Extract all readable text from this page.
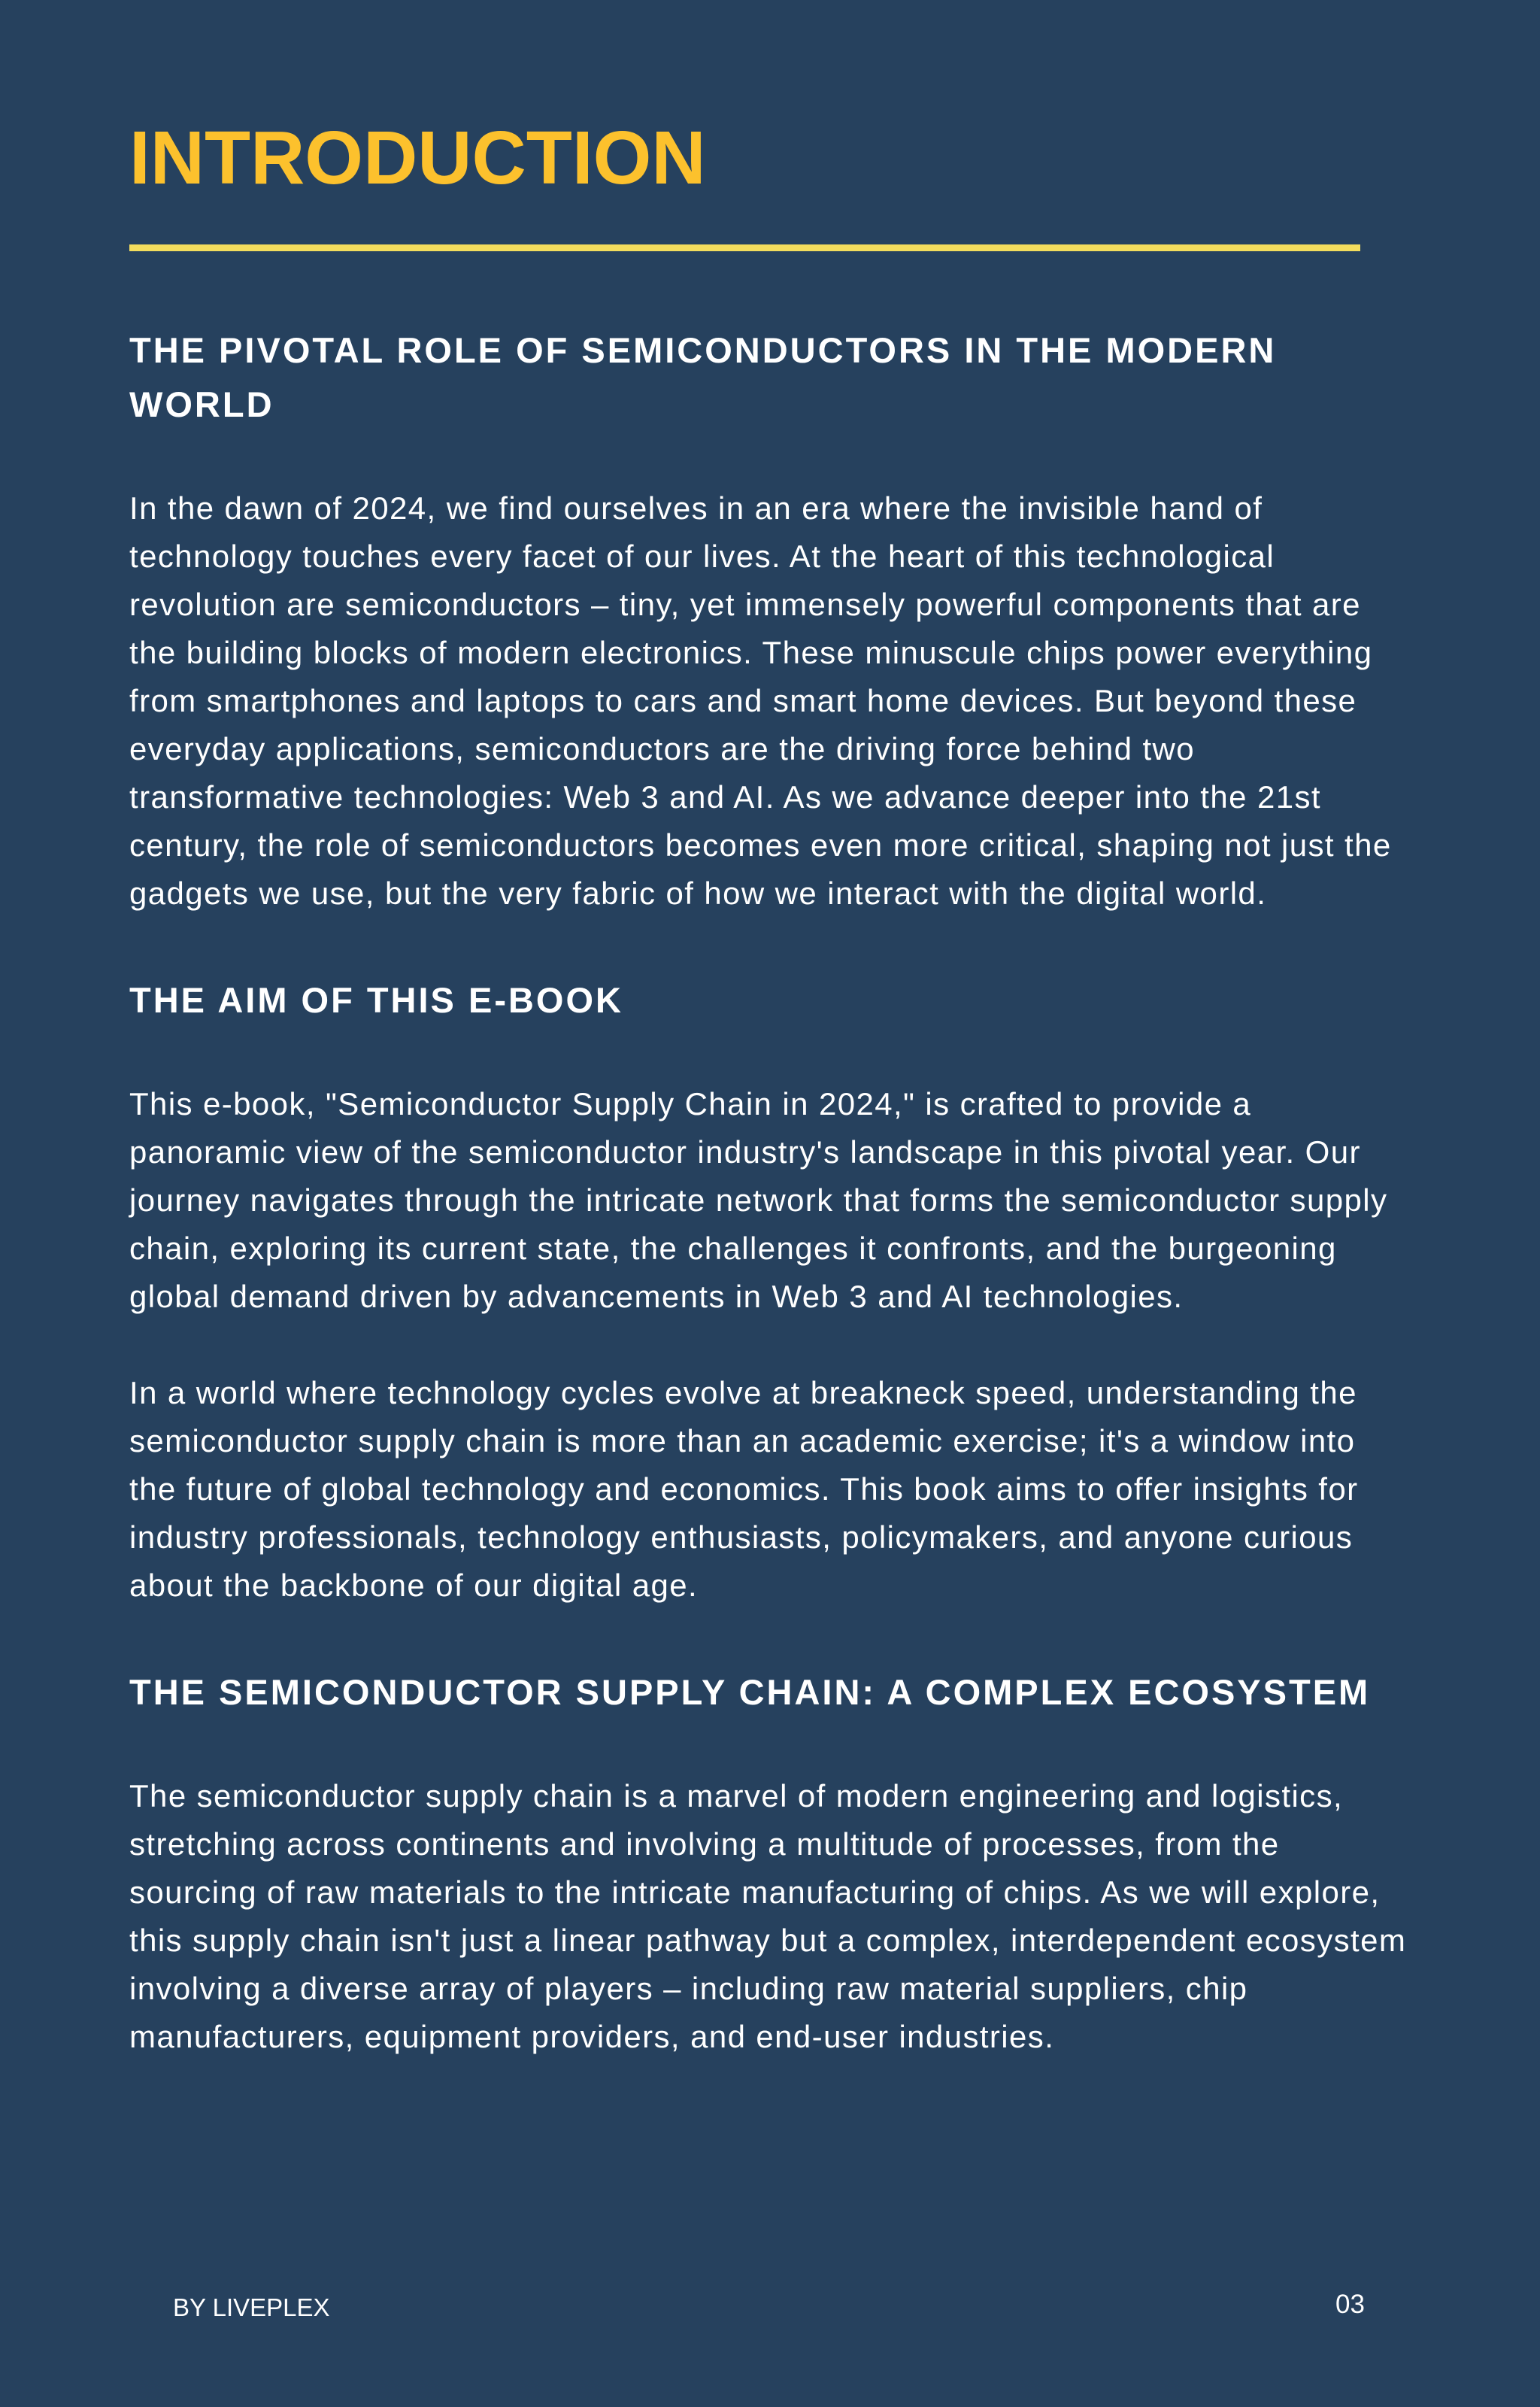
INTRODUCTION
THE PIVOTAL ROLE OF SEMICONDUCTORS IN THE MODERN WORLD

In the dawn of 2024, we find ourselves in an era where the invisible hand of technology touches every facet of our lives. At the heart of this technological revolution are semiconductors – tiny, yet immensely powerful components that are the building blocks of modern electronics. These minuscule chips power everything from smartphones and laptops to cars and smart home devices. But beyond these everyday applications, semiconductors are the driving force behind two transformative technologies: Web 3 and AI. As we advance deeper into the 21st century, the role of semiconductors becomes even more critical, shaping not just the gadgets we use, but the very fabric of how we interact with the digital world.

THE AIM OF THIS E-BOOK

This e-book, "Semiconductor Supply Chain in 2024," is crafted to provide a panoramic view of the semiconductor industry's landscape in this pivotal year. Our journey navigates through the intricate network that forms the semiconductor supply chain, exploring its current state, the challenges it confronts, and the burgeoning global demand driven by advancements in Web 3 and AI technologies.

In a world where technology cycles evolve at breakneck speed, understanding the semiconductor supply chain is more than an academic exercise; it's a window into the future of global technology and economics. This book aims to offer insights for industry professionals, technology enthusiasts, policymakers, and anyone curious about the backbone of our digital age.

THE SEMICONDUCTOR SUPPLY CHAIN: A COMPLEX ECOSYSTEM

The semiconductor supply chain is a marvel of modern engineering and logistics, stretching across continents and involving a multitude of processes, from the sourcing of raw materials to the intricate manufacturing of chips. As we will explore, this supply chain isn't just a linear pathway but a complex, interdependent ecosystem involving a diverse array of players – including raw material suppliers, chip manufacturers, equipment providers, and end-user industries.

BY LIVEPLEX	03
